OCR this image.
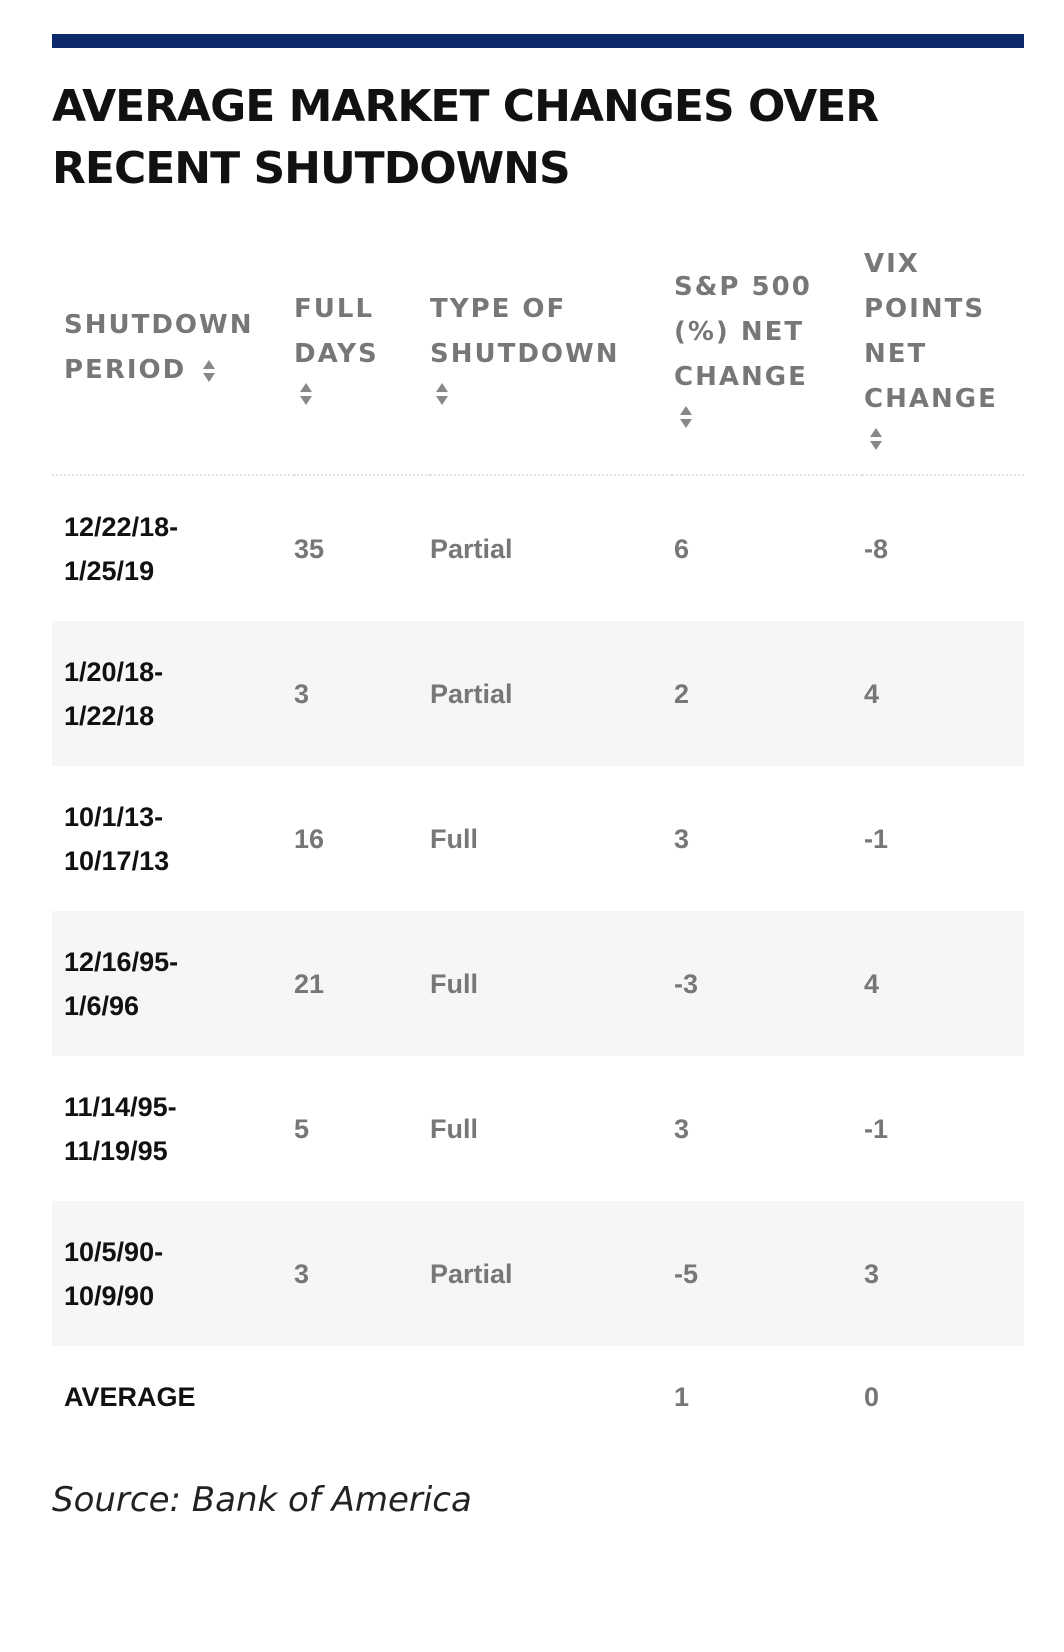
AVERAGE MARKET CHANGES OVER RECENT SHUTDOWNS
SHUTDOWN PERIOD	FULL DAYS	TYPE OF SHUTDOWN	S&P 500 (%) NET CHANGE	VIX POINTS NET CHANGE

12/22/18-
1/25/19	35	Partial	6	-8
1/20/18-
1/22/18	3	Partial	2	4
10/1/13-
10/17/13	16	Full	3	-1
12/16/95-
1/6/96	21	Full	-3	4
11/14/95-
11/19/95	5	Full	3	-1
10/5/90-
10/9/90	3	Partial	-5	3
AVERAGE			1	0

Source: Bank of America
